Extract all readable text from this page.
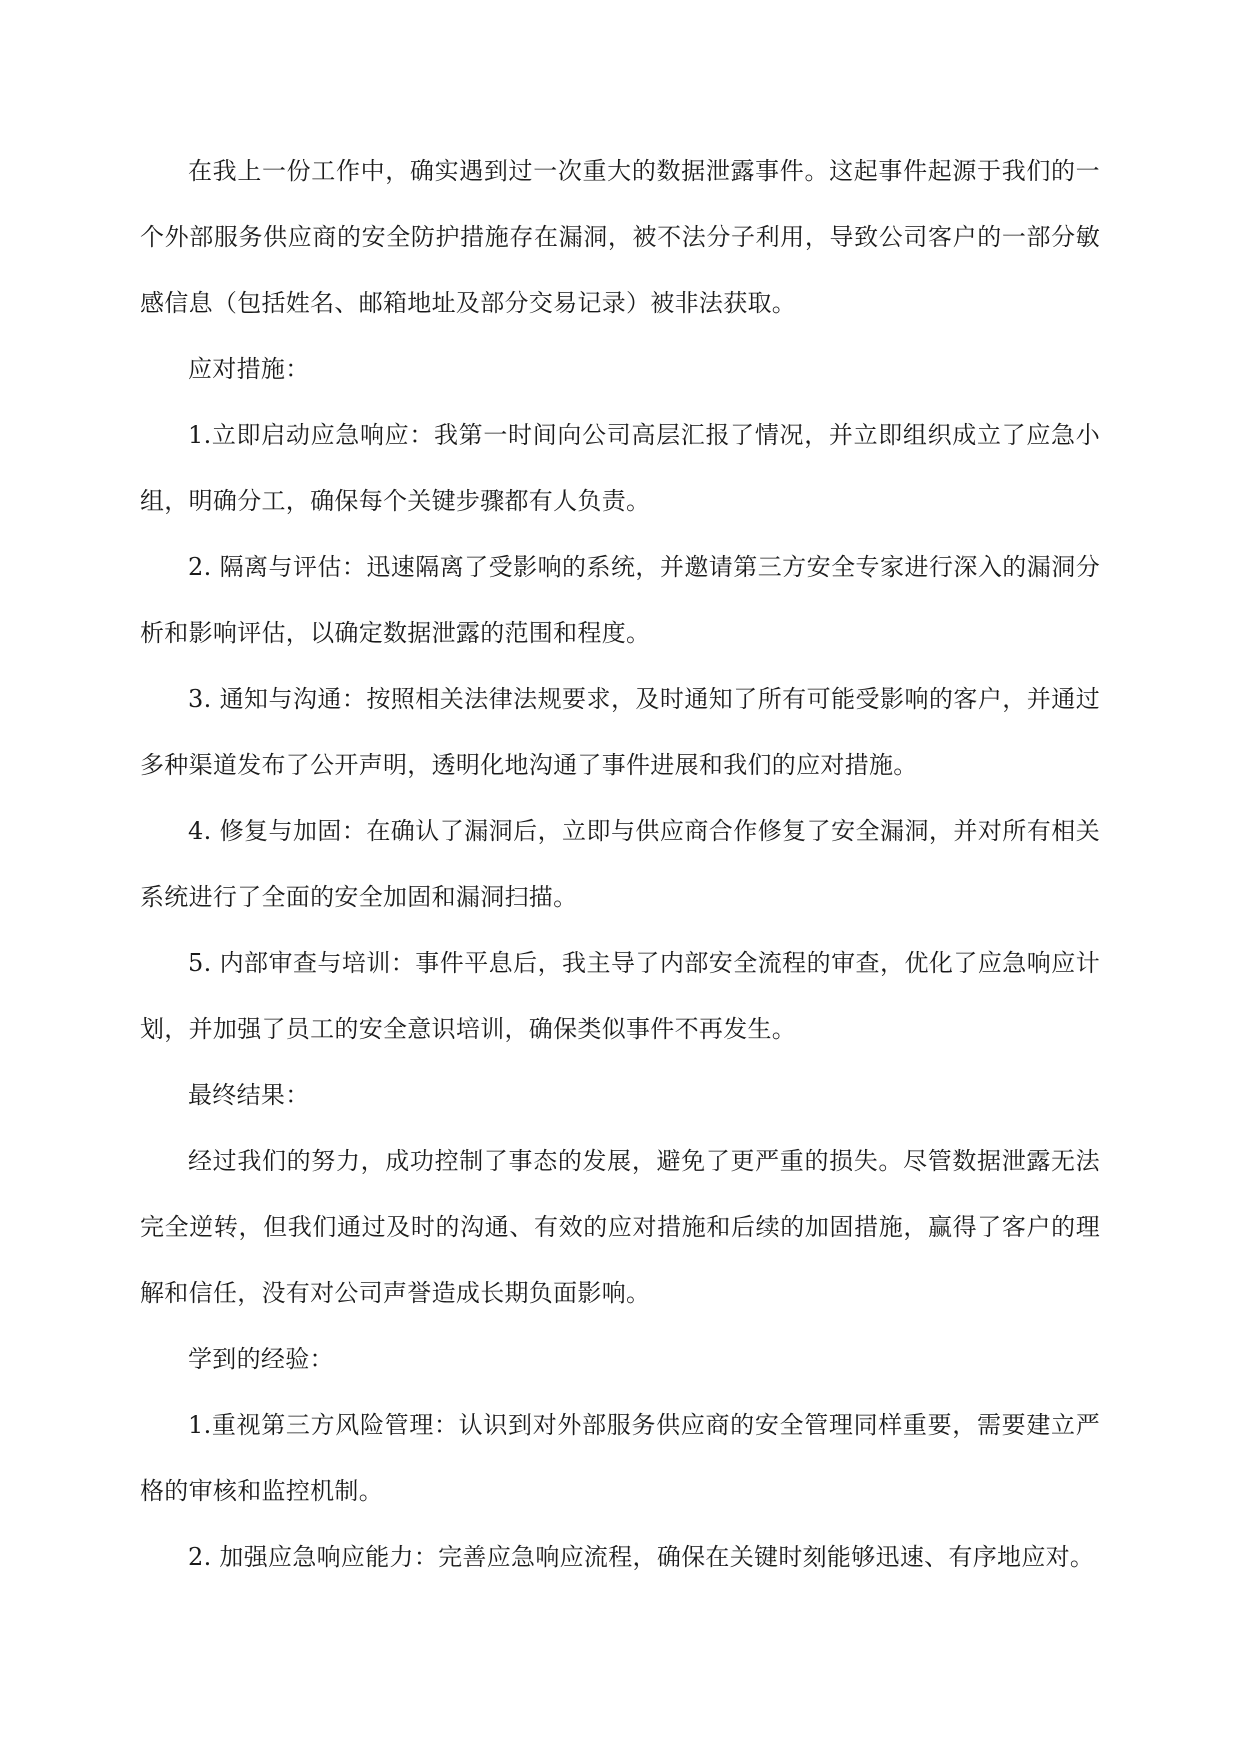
在我上一份工作中，确实遇到过一次重大的数据泄露事件。这起事件起源于我们的一个外部服务供应商的安全防护措施存在漏洞，被不法分子利用，导致公司客户的一部分敏感信息（包括姓名、邮箱地址及部分交易记录）被非法获取。

应对措施：

1.立即启动应急响应：我第一时间向公司高层汇报了情况，并立即组织成立了应急小组，明确分工，确保每个关键步骤都有人负责。

2. 隔离与评估：迅速隔离了受影响的系统，并邀请第三方安全专家进行深入的漏洞分析和影响评估，以确定数据泄露的范围和程度。

3. 通知与沟通：按照相关法律法规要求，及时通知了所有可能受影响的客户，并通过多种渠道发布了公开声明，透明化地沟通了事件进展和我们的应对措施。

4. 修复与加固：在确认了漏洞后，立即与供应商合作修复了安全漏洞，并对所有相关系统进行了全面的安全加固和漏洞扫描。

5. 内部审查与培训：事件平息后，我主导了内部安全流程的审查，优化了应急响应计划，并加强了员工的安全意识培训，确保类似事件不再发生。

最终结果：

经过我们的努力，成功控制了事态的发展，避免了更严重的损失。尽管数据泄露无法完全逆转，但我们通过及时的沟通、有效的应对措施和后续的加固措施，赢得了客户的理解和信任，没有对公司声誉造成长期负面影响。

学到的经验：

1.重视第三方风险管理：认识到对外部服务供应商的安全管理同样重要，需要建立严格的审核和监控机制。

2. 加强应急响应能力：完善应急响应流程，确保在关键时刻能够迅速、有序地应对。
